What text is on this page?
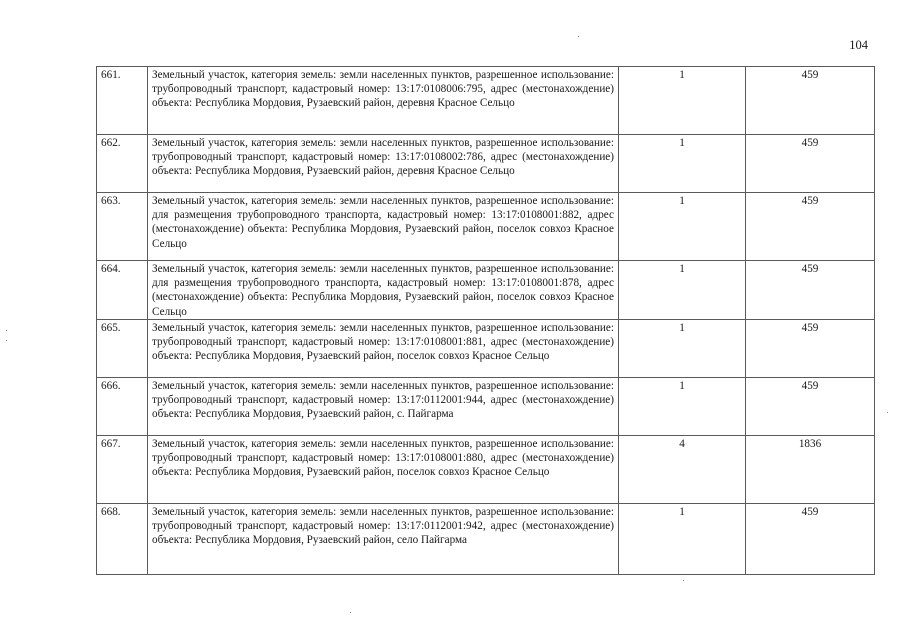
104
661.	Земельный участок, категория земель: земли населенных пунктов, разрешенное использование: трубопроводный транспорт, кадастровый номер: 13:17:0108006:795, адрес (местонахождение) объекта: Республика Мордовия, Рузаевский район, деревня Красное Сельцо	1	459
662.	Земельный участок, категория земель: земли населенных пунктов, разрешенное использование: трубопроводный транспорт, кадастровый номер: 13:17:0108002:786, адрес (местонахождение) объекта: Республика Мордовия, Рузаевский район, деревня Красное Сельцо	1	459
663.	Земельный участок, категория земель: земли населенных пунктов, разрешенное использование: для размещения трубопроводного транспорта, кадастровый номер: 13:17:0108001:882, адрес (местонахождение) объекта: Республика Мордовия, Рузаевский район, поселок совхоз Красное Сельцо	1	459
664.	Земельный участок, категория земель: земли населенных пунктов, разрешенное использование: для размещения трубопроводного транспорта, кадастровый номер: 13:17:0108001:878, адрес (местонахождение) объекта: Республика Мордовия, Рузаевский район, поселок совхоз Красное Сельцо	1	459
665.	Земельный участок, категория земель: земли населенных пунктов, разрешенное использование: трубопроводный транспорт, кадастровый номер: 13:17:0108001:881, адрес (местонахождение) объекта: Республика Мордовия, Рузаевский район, поселок совхоз Красное Сельцо	1	459
666.	Земельный участок, категория земель: земли населенных пунктов, разрешенное использование: трубопроводный транспорт, кадастровый номер: 13:17:0112001:944, адрес (местонахождение) объекта: Республика Мордовия, Рузаевский район, с. Пайгарма	1	459
667.	Земельный участок, категория земель: земли населенных пунктов, разрешенное использование: трубопроводный транспорт, кадастровый номер: 13:17:0108001:880, адрес (местонахождение) объекта: Республика Мордовия, Рузаевский район, поселок совхоз Красное Сельцо	4	1836
668.	Земельный участок, категория земель: земли населенных пунктов, разрешенное использование: трубопроводный транспорт, кадастровый номер: 13:17:0112001:942, адрес (местонахождение) объекта: Республика Мордовия, Рузаевский район, село Пайгарма	1	459
